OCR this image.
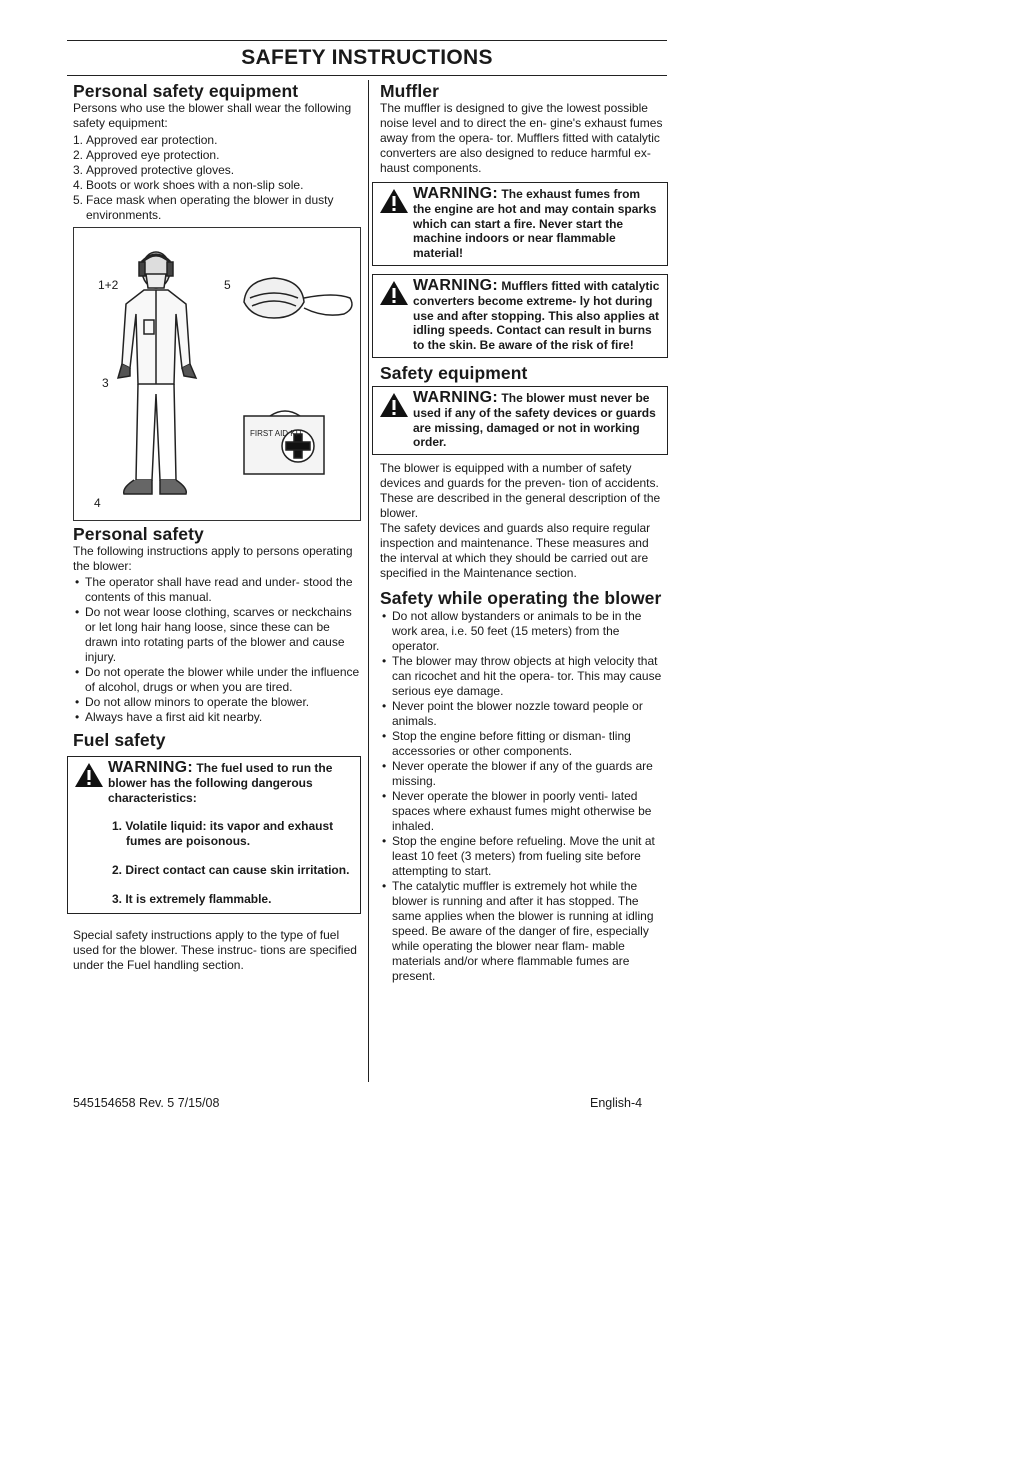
SAFETY INSTRUCTIONS
Personal safety equipment

Persons who use the blower shall wear the following safety equipment:

1. Approved ear protection.
2. Approved eye protection.
3. Approved protective gloves.
4. Boots or work shoes with a non-slip sole.
5. Face mask when operating the blower in dusty environments.
1+2	5
3
4
FIRST AID KIT
Personal safety

The following instructions apply to persons operating the blower:

• The operator shall have read and under- stood the contents of this manual.
• Do not wear loose clothing, scarves or neckchains or let long hair hang loose, since these can be drawn into rotating parts of the blower and cause injury.
• Do not operate the blower while under the influence of alcohol, drugs or when you are tired.
• Do not allow minors to operate the blower.
• Always have a first aid kit nearby.
Fuel safety
WARNING: The fuel used to run the blower has the following dangerous characteristics:

1. Volatile liquid: its vapor and exhaust fumes are poisonous.

2. Direct contact can cause skin irritation.

3. It is extremely flammable.

Special safety instructions apply to the type of fuel used for the blower. These instruc- tions are specified under the Fuel handling section.

Muffler

The muffler is designed to give the lowest possible noise level and to direct the en- gine's exhaust fumes away from the opera- tor. Mufflers fitted with catalytic converters are also designed to reduce harmful ex- haust components.

WARNING: The exhaust fumes from the engine are hot and may contain sparks which can start a fire. Never start the machine indoors or near flammable material!
WARNING: Mufflers fitted with catalytic converters become extreme- ly hot during use and after stopping. This also applies at idling speeds. Contact can result in burns to the skin. Be aware of the risk of fire!
Safety equipment
WARNING: The blower must never be used if any of the safety devices or guards are missing, damaged or not in working order.

The blower is equipped with a number of safety devices and guards for the preven- tion of accidents. These are described in the general description of the blower.

The safety devices and guards also require regular inspection and maintenance. These measures and the interval at which they should be carried out are specified in the Maintenance section.

Safety while operating the blower
• Do not allow bystanders or animals to be in the work area, i.e. 50 feet (15 meters) from the operator.
• The blower may throw objects at high velocity that can ricochet and hit the opera- tor. This may cause serious eye damage.
• Never point the blower nozzle toward people or animals.
• Stop the engine before fitting or disman- tling accessories or other components.
• Never operate the blower if any of the guards are missing.
• Never operate the blower in poorly venti- lated spaces where exhaust fumes might otherwise be inhaled.
• Stop the engine before refueling. Move the unit at least 10 feet (3 meters) from fueling site before attempting to start.
• The catalytic muffler is extremely hot while the blower is running and after it has stopped. The same applies when the blower is running at idling speed. Be aware of the danger of fire, especially while operating the blower near flam- mable materials and/or where flammable fumes are present.
545154658 Rev. 5 7/15/08	English-4
